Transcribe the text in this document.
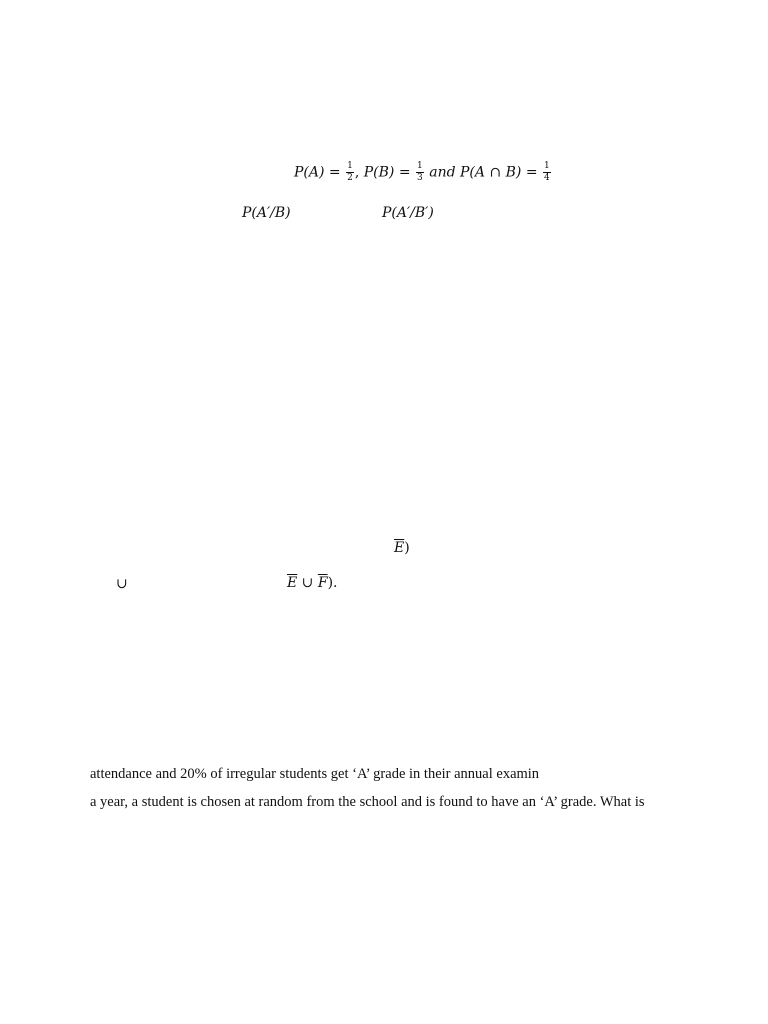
$P(A) = \frac{1}{2}$ , $P(B) = \frac{1}{3}$ and P(A ∩ $B) = \frac{1}{4}$
P(A′/B)	P(A′/B′)
$\overline{E}$)
∪	$\overline{E}$ ∪ $\overline{F}$).
attendance and 20% of irregular students get ‘A’ grade in their annual examin
a year, a student is chosen at random from the school and is found to have an ‘A’ grade. What is
